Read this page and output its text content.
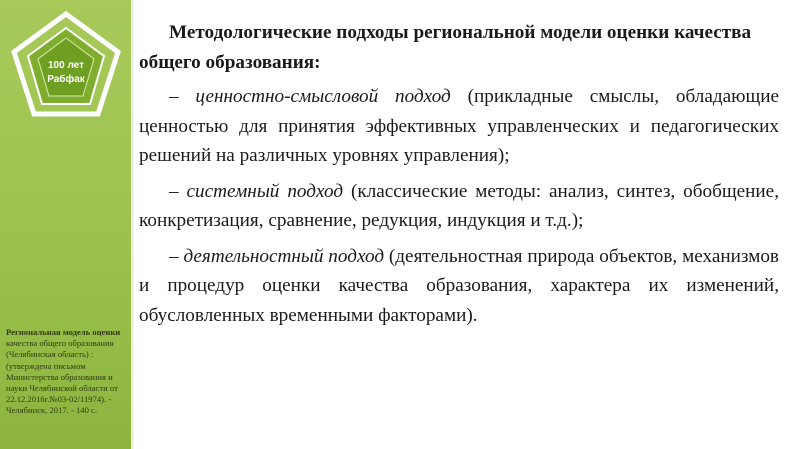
100 лет
Рабфак
Региональная модель оценки качества общего образования (Челябинская область) : (утверждена письмом Министерства образования и науки Челябинской области от 22.12.2016г.№03-02/11974). - Челябинск, 2017. - 140 с.

Методологические подходы региональной модели оценки качества общего образования:

– ценностно-смысловой подход (прикладные смыслы, обладающие ценностью для принятия эффективных управленческих и педагогических решений на различных уровнях управления);

– системный подход (классические методы: анализ, синтез, обобщение, конкретизация, сравнение, редукция, индукция и т.д.);

– деятельностный подход (деятельностная природа объектов, механизмов и процедур оценки качества образования, характера их изменений, обусловленных временными факторами).
